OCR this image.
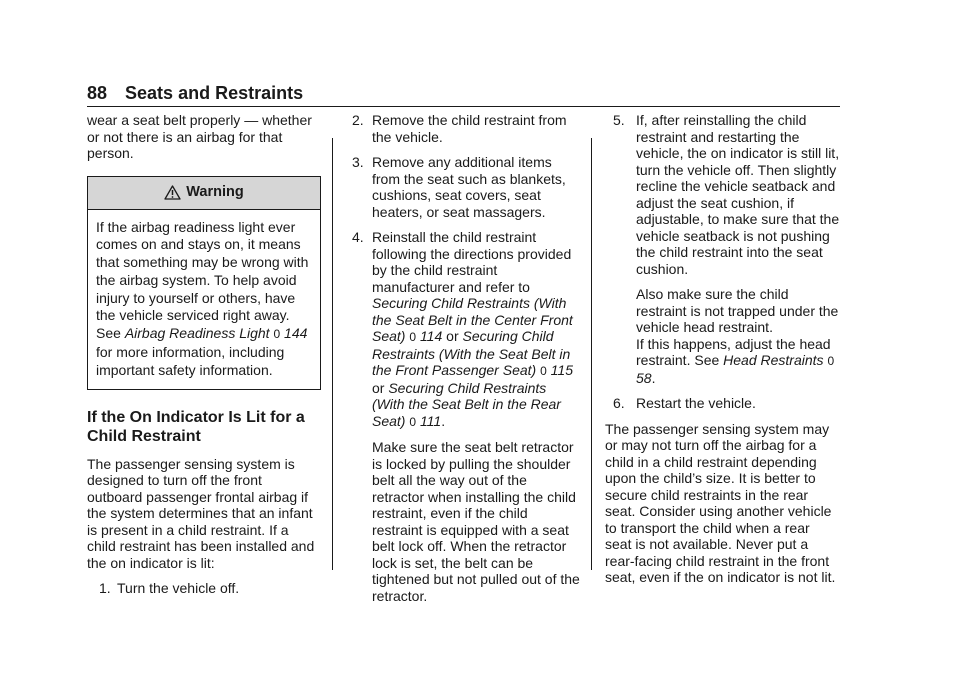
88 Seats and Restraints

wear a seat belt properly — whether or not there is an airbag for that person.

Warning
If the airbag readiness light ever comes on and stays on, it means that something may be wrong with the airbag system. To help avoid injury to yourself or others, have the vehicle serviced right away. See Airbag Readiness Light 0 144 for more information, including important safety information.
If the On Indicator Is Lit for a Child Restraint

The passenger sensing system is designed to turn off the front outboard passenger frontal airbag if the system determines that an infant is present in a child restraint. If a child restraint has been installed and the on indicator is lit:

1. Turn the vehicle off.
2. Remove the child restraint from the vehicle.
3. Remove any additional items from the seat such as blankets, cushions, seat covers, seat heaters, or seat massagers.
4. Reinstall the child restraint following the directions provided by the child restraint manufacturer and refer to Securing Child Restraints (With the Seat Belt in the Center Front Seat) 0 114 or Securing Child Restraints (With the Seat Belt in the Front Passenger Seat) 0 115 or Securing Child Restraints (With the Seat Belt in the Rear Seat) 0 111.

Make sure the seat belt retractor is locked by pulling the shoulder belt all the way out of the retractor when installing the child restraint, even if the child restraint is equipped with a seat belt lock off. When the retractor lock is set, the belt can be tightened but not pulled out of the retractor.

5. If, after reinstalling the child restraint and restarting the vehicle, the on indicator is still lit, turn the vehicle off. Then slightly recline the vehicle seatback and adjust the seat cushion, if adjustable, to make sure that the vehicle seatback is not pushing the child restraint into the seat cushion.

Also make sure the child restraint is not trapped under the vehicle head restraint.

If this happens, adjust the head restraint. See Head Restraints 0 58.

6. Restart the vehicle.

The passenger sensing system may or may not turn off the airbag for a child in a child restraint depending upon the child’s size. It is better to secure child restraints in the rear seat. Consider using another vehicle to transport the child when a rear seat is not available. Never put a rear-facing child restraint in the front seat, even if the on indicator is not lit.
